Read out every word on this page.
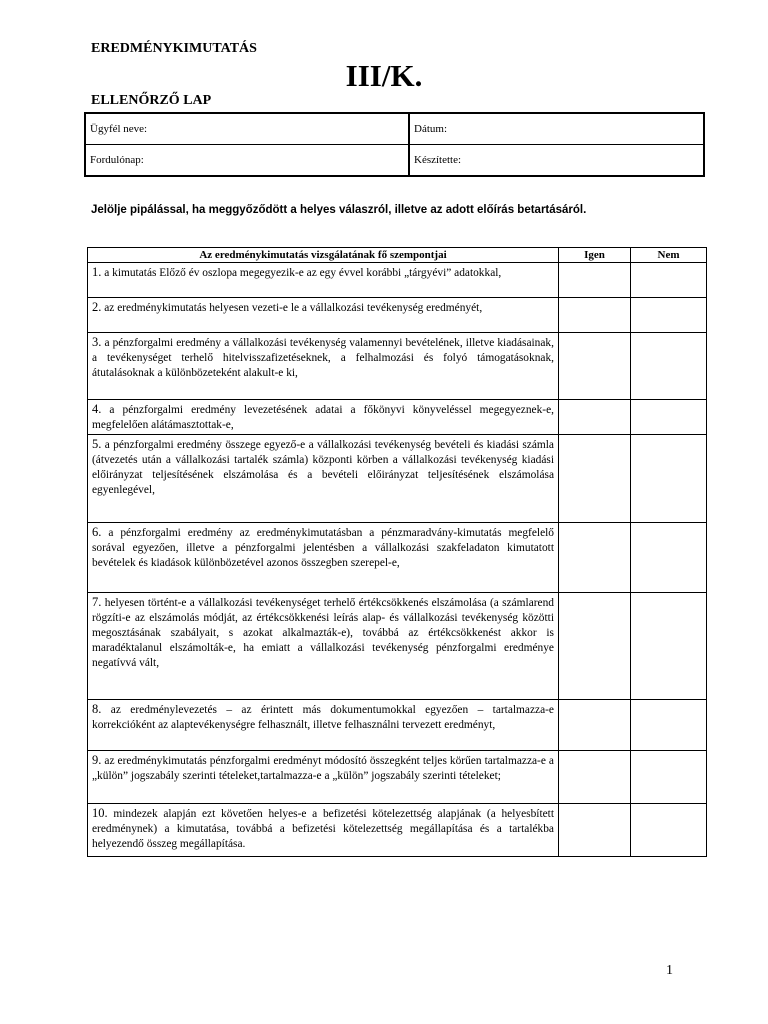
EREDMÉNYKIMUTATÁS
III/K.
ELLENŐRZŐ LAP
Ügyfél neve:	Dátum:
Fordulónap:	Készítette:
Jelölje pipálással, ha meggyőződött a helyes válaszról, illetve az adott előírás betartásáról.
Az eredménykimutatás vizsgálatának fő szempontjai	Igen	Nem
1. a kimutatás Előző év oszlopa megegyezik-e az egy évvel korábbi „tárgyévi” adatokkal,		
2. az eredménykimutatás helyesen vezeti-e le a vállalkozási tevékenység eredményét,		
3. a pénzforgalmi eredmény a vállalkozási tevékenység valamennyi bevételének, illetve kiadásainak, a tevékenységet terhelő hitelvisszafizetéseknek, a felhalmozási és folyó támogatásoknak, átutalásoknak a különbözeteként alakult-e ki,		
4. a pénzforgalmi eredmény levezetésének adatai a főkönyvi könyveléssel megegyeznek-e, megfelelően alátámasztottak-e,		
5. a pénzforgalmi eredmény összege egyező-e a vállalkozási tevékenység bevételi és kiadási számla (átvezetés után a vállalkozási tartalék számla) központi körben a vállalkozási tevékenység kiadási előirányzat teljesítésének elszámolása és a bevételi előirányzat teljesítésének elszámolása egyenlegével,		
6. a pénzforgalmi eredmény az eredménykimutatásban a pénzmaradvány-kimutatás megfelelő sorával egyezően, illetve a pénzforgalmi jelentésben a vállalkozási szakfeladaton kimutatott bevételek és kiadások különbözetével azonos összegben szerepel-e,		
7. helyesen történt-e a vállalkozási tevékenységet terhelő értékcsökkenés elszámolása (a számlarend rögzíti-e az elszámolás módját, az értékcsökkenési leírás alap- és vállalkozási tevékenység közötti megosztásának szabályait, s azokat alkalmazták-e), továbbá az értékcsökkenést akkor is maradéktalanul elszámolták-e, ha emiatt a vállalkozási tevékenység pénzforgalmi eredménye negatívvá vált,		
8. az eredménylevezetés – az érintett más dokumentumokkal egyezően – tartalmazza-e korrekcióként az alaptevékenységre felhasznált, illetve felhasználni tervezett eredményt,		
9. az eredménykimutatás pénzforgalmi eredményt módosító összegként teljes körűen tartalmazza-e a „külön” jogszabály szerinti tételeket,tartalmazza-e a „külön” jogszabály szerinti tételeket;		
10. mindezek alapján ezt követően helyes-e a befizetési kötelezettség alapjának (a helyesbített eredménynek) a kimutatása, továbbá a befizetési kötelezettség megállapítása és a tartalékba helyezendő összeg megállapítása.		
1
